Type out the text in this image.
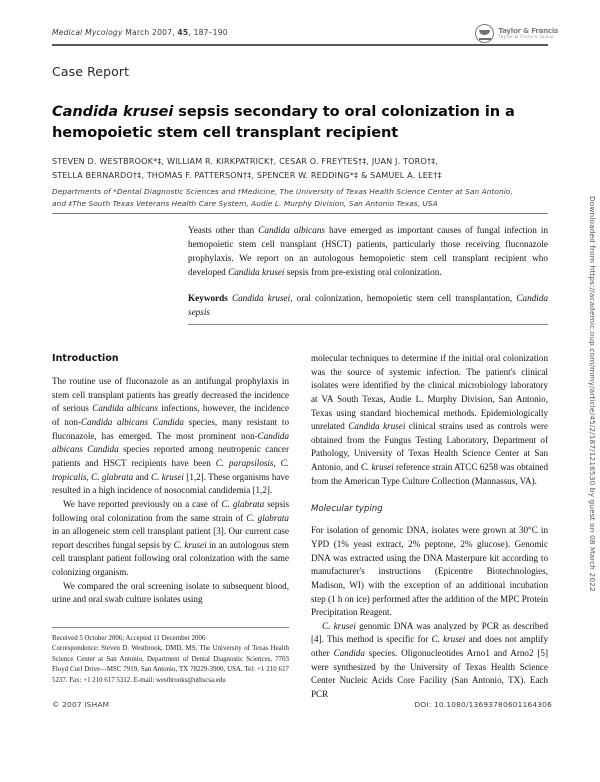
Medical Mycology March 2007, 45, 187–190	Taylor & Francis
Taylor & Francis Group
Case Report
Candida krusei sepsis secondary to oral colonization in a hemopoietic stem cell transplant recipient
STEVEN D. WESTBROOK*‡, WILLIAM R. KIRKPATRICK†, CESAR O. FREYTES†‡, JUAN J. TORO†‡,
STELLA BERNARDO†‡, THOMAS F. PATTERSON†‡, SPENCER W. REDDING*‡ & SAMUEL A. LEE†‡
Departments of *Dental Diagnostic Sciences and †Medicine, The University of Texas Health Science Center at San Antonio,
and ‡The South Texas Veterans Health Care System, Audie L. Murphy Division, San Antonio Texas, USA

Yeasts other than Candida albicans have emerged as important causes of fungal infection in hemopoietic stem cell transplant (HSCT) patients, particularly those receiving fluconazole prophylaxis. We report on an autologous hemopoietic stem cell transplant recipient who developed Candida krusei sepsis from pre-existing oral colonization.

Keywords Candida krusei, oral colonization, hemopoietic stem cell transplantation, Candida sepsis

Introduction

The routine use of fluconazole as an antifungal prophylaxis in stem cell transplant patients has greatly decreased the incidence of serious Candida albicans infections, however, the incidence of non-Candida albicans Candida species, many resistant to fluconazole, has emerged. The most prominent non-Candida albicans Candida species reported among neutropenic cancer patients and HSCT recipients have been C. parapsilosis, C. tropicalis, C. glabrata and C. krusei [1,2]. These organisms have resulted in a high incidence of nosocomial candidemia [1,2].

We have reported previously on a case of C. glabrata sepsis following oral colonization from the same strain of C. glabrata in an allogeneic stem cell transplant patient [3]. Our current case report describes fungal sepsis by C. krusei in an autologous stem cell transplant patient following oral colonization with the same colonizing organism.

We compared the oral screening isolate to subsequent blood, urine and oral swab culture isolates using

molecular techniques to determine if the initial oral colonization was the source of systemic infection. The patient's clinical isolates were identified by the clinical microbiology laboratory at VA South Texas, Audie L. Murphy Division, San Antonio, Texas using standard biochemical methods. Epidemiologically unrelated Candida krusei clinical strains used as controls were obtained from the Fungus Testing Laboratory, Department of Pathology, University of Texas Health Science Center at San Antonio, and C. krusei reference strain ATCC 6258 was obtained from the American Type Culture Collection (Mannassus, VA).

Molecular typing

For isolation of genomic DNA, isolates were grown at 30°C in YPD (1% yeast extract, 2% peptone, 2% glucose). Genomic DNA was extracted using the DNA Masterpure kit according to manufacturer's instructions (Epicentre Biotechnologies, Madison, WI) with the exception of an additional incubation step (1 h on ice) performed after the addition of the MPC Protein Precipitation Reagent.

C. krusei genomic DNA was analyzed by PCR as described [4]. This method is specific for C. krusei and does not amplify other Candida species. Oligonucleotides Arno1 and Arno2 [5] were synthesized by the University of Texas Health Science Center Nucleic Acids Core Facility (San Antonio, TX). Each PCR

Received 5 October 2006; Accepted 11 December 2006

Correspondence: Steven D. Westbrook, DMD, MS, The University of Texas Health Science Center at San Antonio, Department of Dental Diagnostic Sciences, 7703 Floyd Curl Drive—MSC 7919, San Antonio, TX 78229-3900, USA. Tel: +1 210 617 5237. Fax: +1 210 617 5312. E-mail: westbrooks@uthscsa.edu

© 2007 ISHAM	DOI: 10.1080/13693780601164306
Downloaded from https://academic.oup.com/mmy/article/45/2/187/1216530 by guest on 08 March 2022
